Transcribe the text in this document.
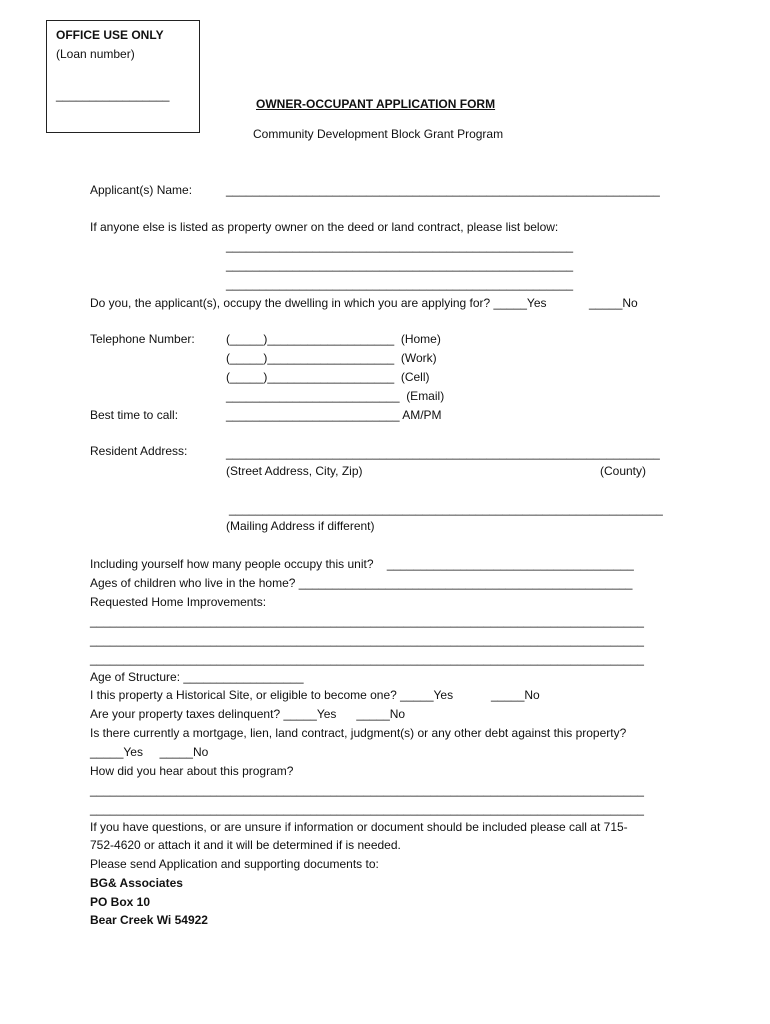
OFFICE USE ONLY
(Loan number)
_________________
OWNER-OCCUPANT APPLICATION FORM
Community Development Block Grant Program
Applicant(s) Name:	_________________________________________________________________
If anyone else is listed as property owner on the deed or land contract, please list below:
____________________________________________________
____________________________________________________
____________________________________________________
Do you, the applicant(s), occupy the dwelling in which you are applying for? _____Yes	_____No
Telephone Number:	(_____)___________________  (Home)
(_____)___________________  (Work)
(_____)___________________  (Cell)
__________________________  (Email)
Best time to call:	__________________________ AM/PM
Resident Address:	_________________________________________________________________
(Street Address, City, Zip)	(County)
_________________________________________________________________
(Mailing Address if different)
Including yourself how many people occupy this unit?    _____________________________________
Ages of children who live in the home? __________________________________________________
Requested Home Improvements:
___________________________________________________________________________________
___________________________________________________________________________________
___________________________________________________________________________________
Age of Structure: __________________
I this property a Historical Site, or eligible to become one? _____Yes	_____No
Are your property taxes delinquent? _____Yes      _____No
Is there currently a mortgage, lien, land contract, judgment(s) or any other debt against this property?
_____Yes     _____No
How did you hear about this program?
___________________________________________________________________________________
___________________________________________________________________________________
If you have questions, or are unsure if information or document should be included please call at 715-
752-4620 or attach it and it will be determined if is needed.
Please send Application and supporting documents to:
BG& Associates
PO Box 10
Bear Creek Wi 54922
